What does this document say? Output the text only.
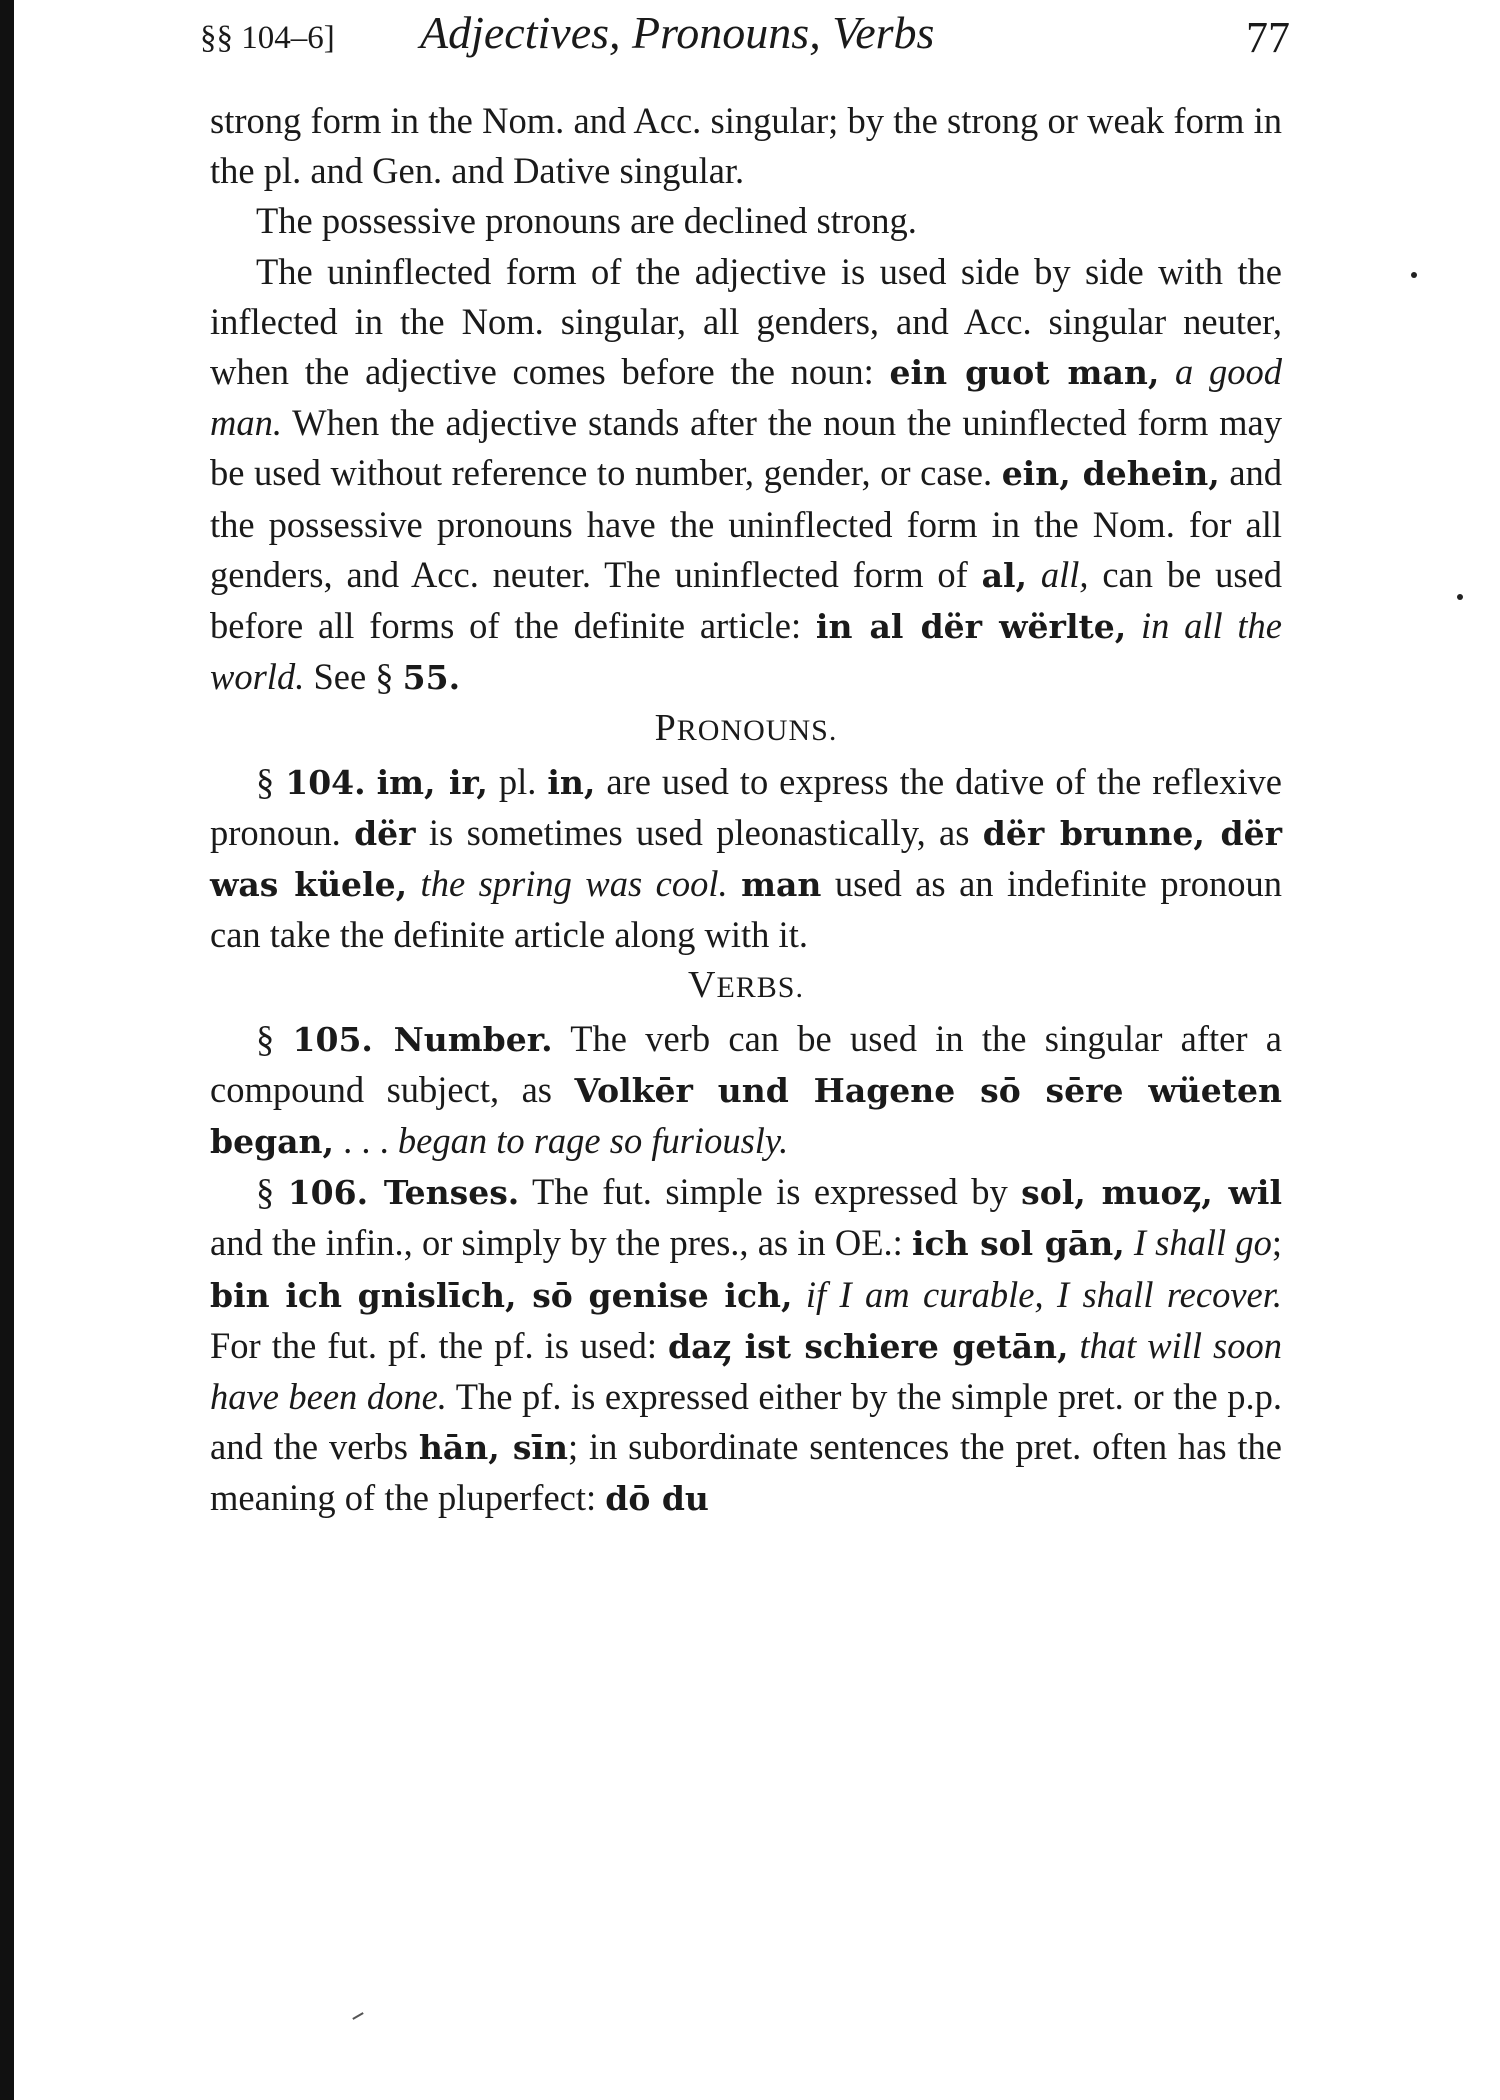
§§ 104–6] Adjectives, Pronouns, Verbs	77

strong form in the Nom. and Acc. singular; by the strong or weak form in the pl. and Gen. and Dative singular.

The possessive pronouns are declined strong.

The uninflected form of the adjective is used side by side with the inflected in the Nom. singular, all genders, and Acc. singular neuter, when the adjective comes before the noun: ein guot man, a good man. When the adjective stands after the noun the uninflected form may be used without reference to number, gender, or case. ein, dehein, and the possessive pronouns have the uninflected form in the Nom. for all genders, and Acc. neuter. The uninflected form of al, all, can be used before all forms of the definite article: in al dër wërlte, in all the world. See § 55.

PRONOUNS.

§ 104. im, ir, pl. in, are used to express the dative of the reflexive pronoun. dër is sometimes used pleonastically, as dër brunne, dër was küele, the spring was cool. man used as an indefinite pronoun can take the definite article along with it.

VERBS.

§ 105. Number. The verb can be used in the singular after a compound subject, as Volkēr und Hagene sō sēre wüeten began, . . . began to rage so furiously.

§ 106. Tenses. The fut. simple is expressed by sol, muoȥ, wil and the infin., or simply by the pres., as in OE.: ich sol gān, I shall go; bin ich gnislīch, sō genise ich, if I am curable, I shall recover. For the fut. pf. the pf. is used: daȥ ist schiere getān, that will soon have been done. The pf. is expressed either by the simple pret. or the p.p. and the verbs hān, sīn; in subordinate sentences the pret. often has the meaning of the pluperfect: dō du
